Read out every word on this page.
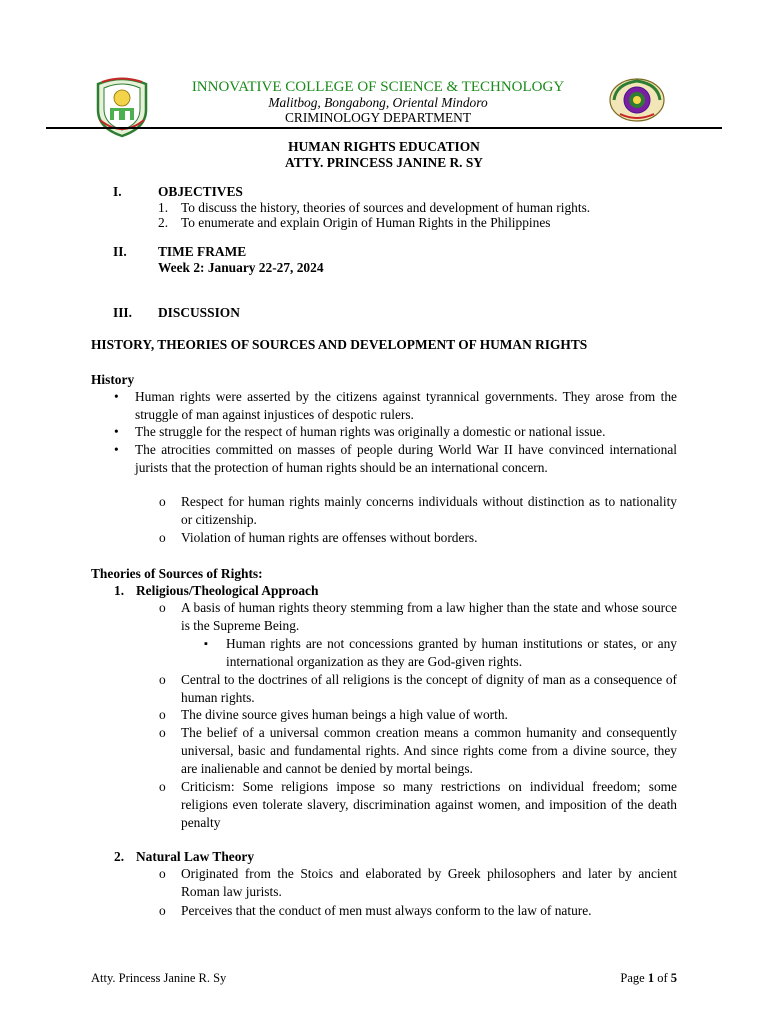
INNOVATIVE COLLEGE OF SCIENCE & TECHNOLOGY
Malitbog, Bongabong, Oriental Mindoro
CRIMINOLOGY DEPARTMENT
HUMAN RIGHTS EDUCATION
ATTY. PRINCESS JANINE R. SY
I.	OBJECTIVES
1. To discuss the history, theories of sources and development of human rights.
2. To enumerate and explain Origin of Human Rights in the Philippines
II. TIME FRAME
Week 2: January 22-27, 2024
III. DISCUSSION
HISTORY, THEORIES OF SOURCES AND DEVELOPMENT OF HUMAN RIGHTS
History
• Human rights were asserted by the citizens against tyrannical governments. They arose from the struggle of man against injustices of despotic rulers.
• The struggle for the respect of human rights was originally a domestic or national issue.
• The atrocities committed on masses of people during World War II have convinced international jurists that the protection of human rights should be an international concern.
o Respect for human rights mainly concerns individuals without distinction as to nationality or citizenship.
o Violation of human rights are offenses without borders.
Theories of Sources of Rights:
1. Religious/Theological Approach
o A basis of human rights theory stemming from a law higher than the state and whose source is the Supreme Being.
▪ Human rights are not concessions granted by human institutions or states, or any international organization as they are God-given rights.
o Central to the doctrines of all religions is the concept of dignity of man as a consequence of human rights.
o The divine source gives human beings a high value of worth.
o The belief of a universal common creation means a common humanity and consequently universal, basic and fundamental rights. And since rights come from a divine source, they are inalienable and cannot be denied by mortal beings.
o Criticism: Some religions impose so many restrictions on individual freedom; some religions even tolerate slavery, discrimination against women, and imposition of the death penalty
2. Natural Law Theory
o Originated from the Stoics and elaborated by Greek philosophers and later by ancient Roman law jurists.
o Perceives that the conduct of men must always conform to the law of nature.
Atty. Princess Janine R. Sy	Page 1 of 5
